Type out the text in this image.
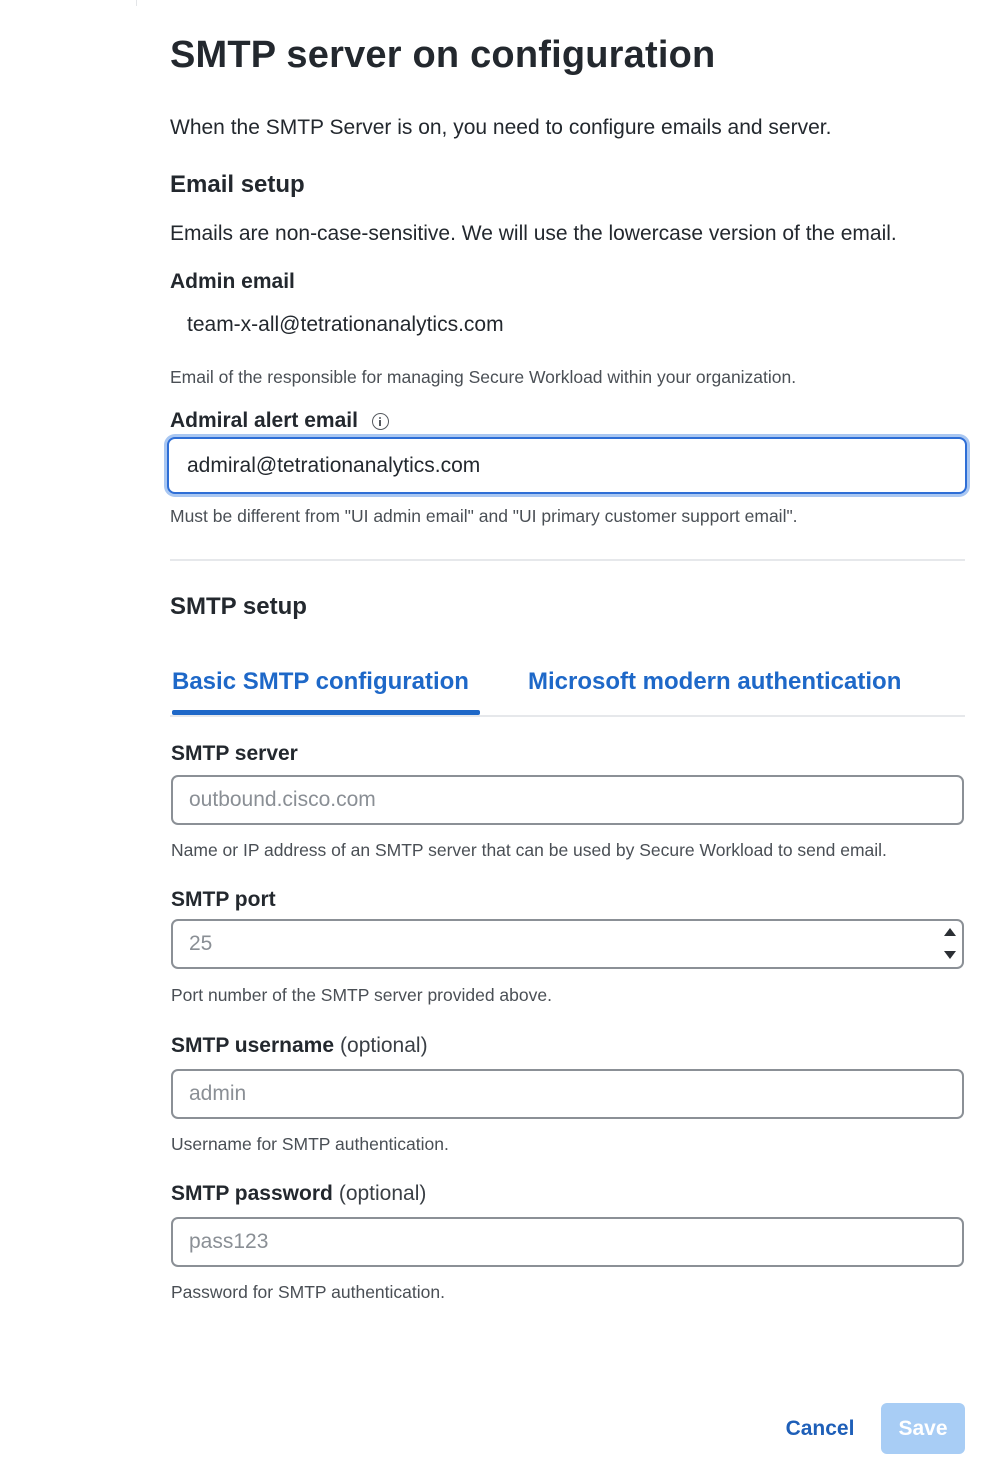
SMTP server on configuration

When the SMTP Server is on, you need to configure emails and server.

Email setup

Emails are non-case-sensitive. We will use the lowercase version of the email.

Admin email
team-x-all@tetrationanalytics.com
Email of the responsible for managing Secure Workload within your organization.
Admiral alert email
admiral@tetrationanalytics.com
Must be different from "UI admin email" and "UI primary customer support email".
SMTP setup
Basic SMTP configuration Microsoft modern authentication
SMTP server
outbound.cisco.com
Name or IP address of an SMTP server that can be used by Secure Workload to send email.
SMTP port
25
Port number of the SMTP server provided above.
SMTP username (optional)
admin
Username for SMTP authentication.
SMTP password (optional)
pass123
Password for SMTP authentication.
Cancel	Save
